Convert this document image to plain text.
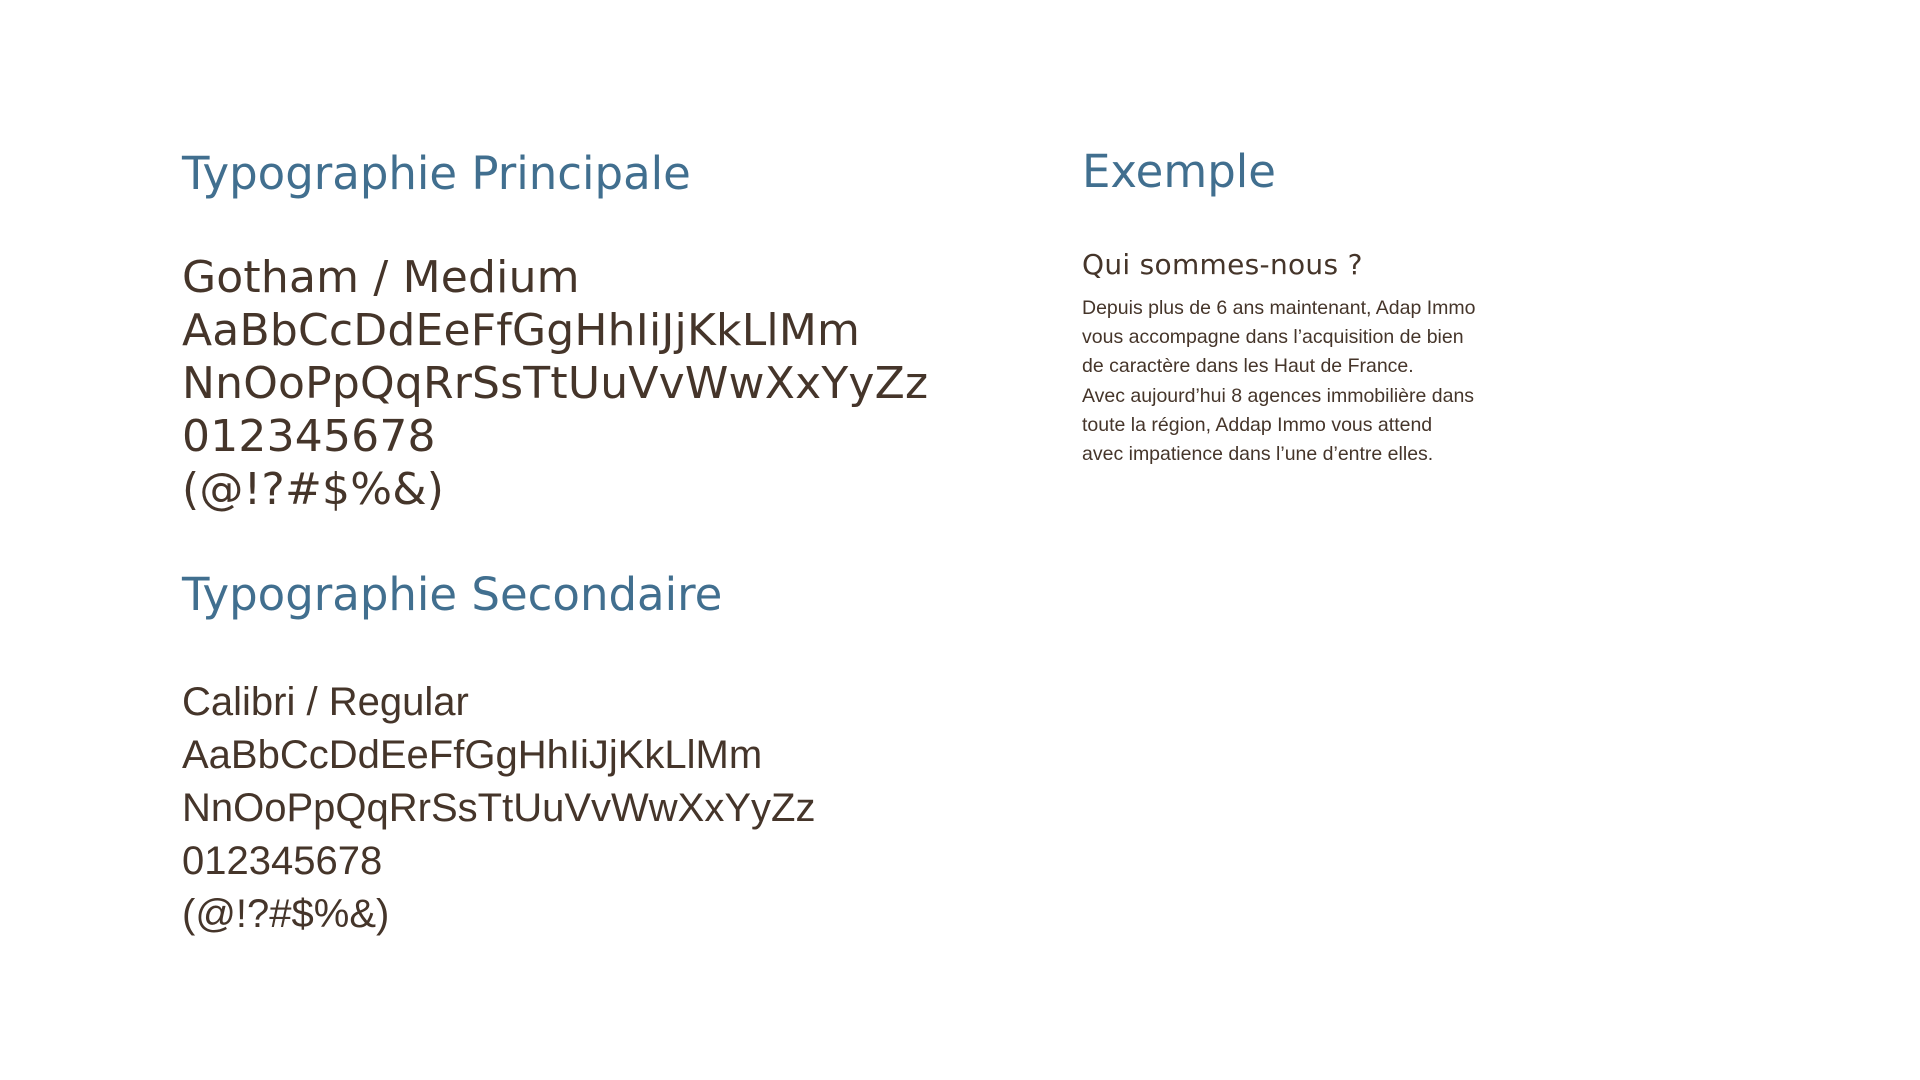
Typographie Principale
Gotham / Medium
AaBbCcDdEeFfGgHhIiJjKkLlMm
NnOoPpQqRrSsTtUuVvWwXxYyZz
012345678
(@!?#$%&)
Typographie Secondaire
Calibri / Regular
AaBbCcDdEeFfGgHhIiJjKkLlMm
NnOoPpQqRrSsTtUuVvWwXxYyZz
012345678
(@!?#$%&)
Exemple
Qui sommes-nous ?
Depuis plus de 6 ans maintenant, Adap Immo
vous accompagne dans l’acquisition de bien
de caractère dans les Haut de France.
Avec aujourd’hui 8 agences immobilière dans
toute la région, Addap Immo vous attend
avec impatience dans l’une d’entre elles.
